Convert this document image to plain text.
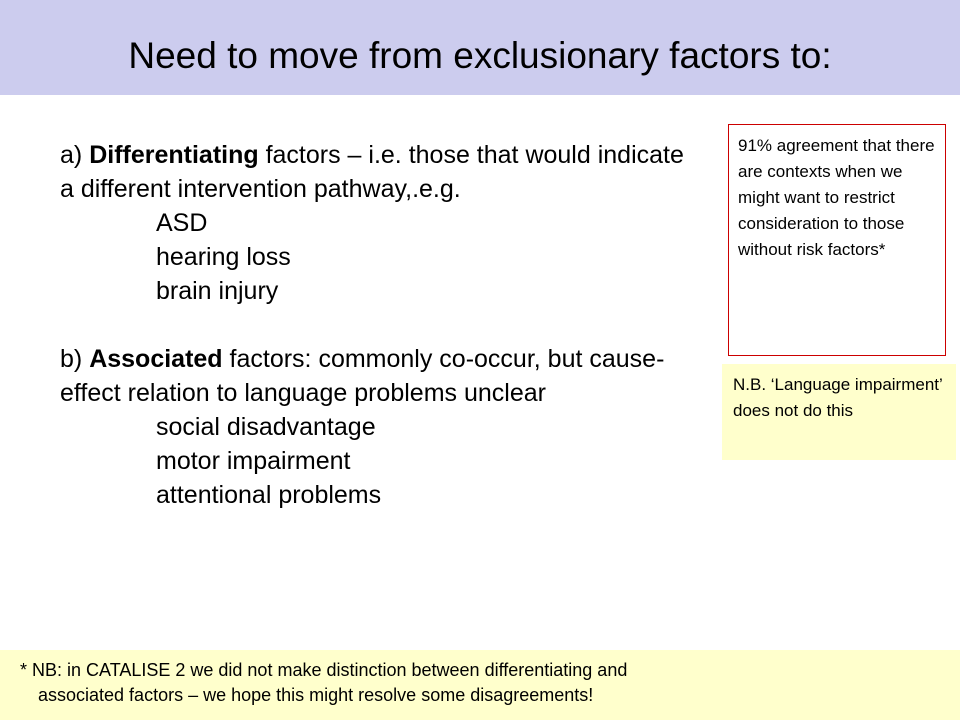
Need to move from exclusionary factors to:

a) Differentiating factors – i.e. those that would indicate a different intervention pathway,.e.g.

ASD

hearing loss

brain injury

b) Associated factors: commonly co-occur, but cause-effect relation to language problems unclear

social disadvantage

motor impairment

attentional problems

91% agreement that there are contexts when we might want to restrict consideration to those without risk factors*
N.B. ‘Language impairment’ does not do this
* NB: in CATALISE 2 we did not make distinction between differentiating and
associated factors – we hope this might resolve some disagreements!
